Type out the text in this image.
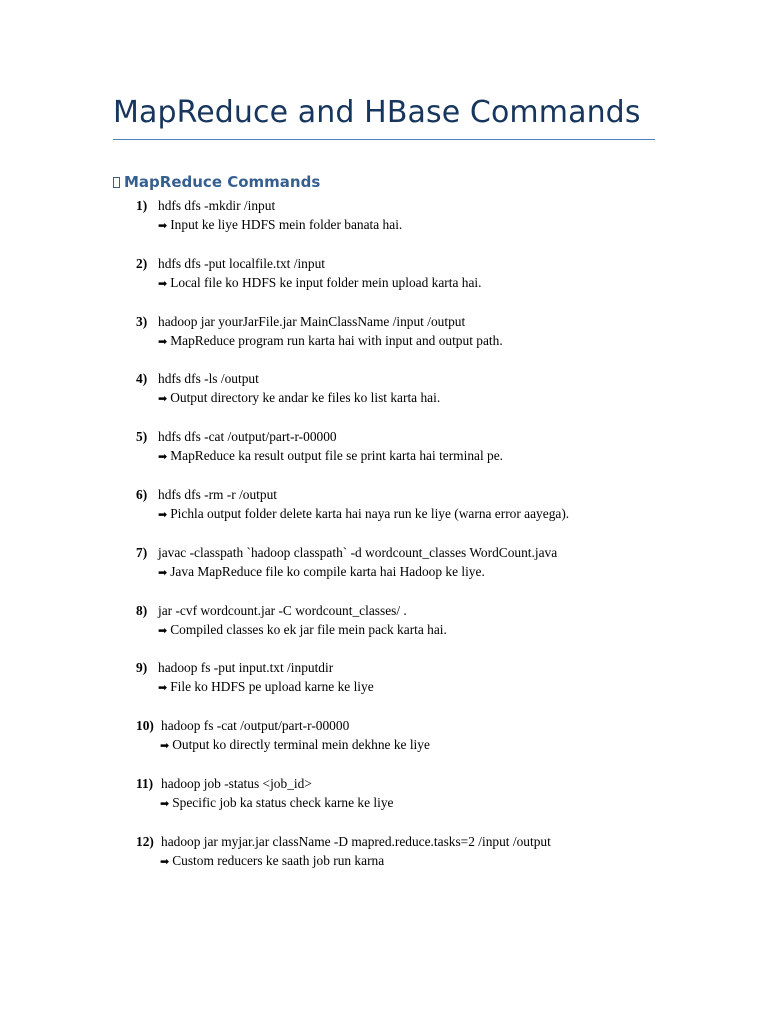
MapReduce and HBase Commands
MapReduce Commands
1) hdfs dfs -mkdir /input
➡ Input ke liye HDFS mein folder banata hai.
2) hdfs dfs -put localfile.txt /input
➡ Local file ko HDFS ke input folder mein upload karta hai.
3) hadoop jar yourJarFile.jar MainClassName /input /output
➡ MapReduce program run karta hai with input and output path.
4) hdfs dfs -ls /output
➡ Output directory ke andar ke files ko list karta hai.
5) hdfs dfs -cat /output/part-r-00000
➡ MapReduce ka result output file se print karta hai terminal pe.
6) hdfs dfs -rm -r /output
➡ Pichla output folder delete karta hai naya run ke liye (warna error aayega).
7) javac -classpath `hadoop classpath` -d wordcount_classes WordCount.java
➡ Java MapReduce file ko compile karta hai Hadoop ke liye.
8) jar -cvf wordcount.jar -C wordcount_classes/ .
➡ Compiled classes ko ek jar file mein pack karta hai.
9) hadoop fs -put input.txt /inputdir
➡ File ko HDFS pe upload karne ke liye
10) hadoop fs -cat /output/part-r-00000
➡ Output ko directly terminal mein dekhne ke liye
11) hadoop job -status <job_id>
➡ Specific job ka status check karne ke liye
12) hadoop jar myjar.jar className -D mapred.reduce.tasks=2 /input /output
➡ Custom reducers ke saath job run karna
